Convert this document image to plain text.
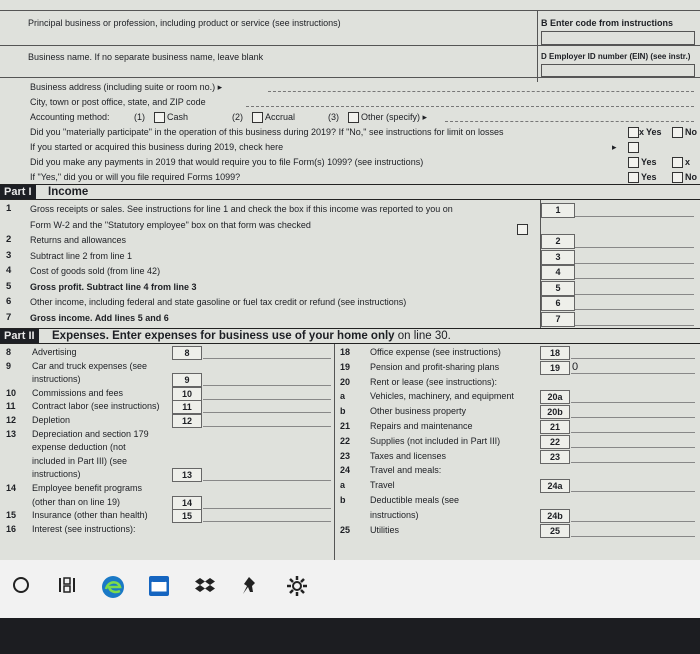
Principal business or profession, including product or service (see instructions)	B Enter code from instructions
Business name. If no separate business name, leave blank	D Employer ID number (EIN) (see instr.)
Business address (including suite or room no.) ▸
City, town or post office, state, and ZIP code
Accounting method:	(1) Cash	(2) Accrual	(3) Other (specify) ▸
Did you "materially participate" in the operation of this business during 2019? If "No," see instructions for limit on losses	x Yes	No
If you started or acquired this business during 2019, check here	▸
Did you make any payments in 2019 that would require you to file Form(s) 1099? (see instructions)	Yes	x
If "Yes," did you or will you file required Forms 1099?	Yes	No
Part I	Income
1 Gross receipts or sales. See instructions for line 1 and check the box if this income was reported to you on	1
Form W-2 and the "Statutory employee" box on that form was checked
2 Returns and allowances	2
3 Subtract line 2 from line 1	3
4 Cost of goods sold (from line 42)	4
5 Gross profit. Subtract line 4 from line 3	5
6 Other income, including federal and state gasoline or fuel tax credit or refund (see instructions)	6
7 Gross income. Add lines 5 and 6	7
Part II	Expenses. Enter expenses for business use of your home only on line 30.
8 Advertising	8
9 Car and truck expenses (see
instructions)	9
10 Commissions and fees	10
11 Contract labor (see instructions)	11
12 Depletion	12
13 Depreciation and section 179
expense deduction (not
included in Part III) (see
instructions)	13
14 Employee benefit programs
(other than on line 19)	14
15 Insurance (other than health)	15
16 Interest (see instructions):
18 Office expense (see instructions)	18
19 Pension and profit-sharing plans	19	0
20 Rent or lease (see instructions):
a	Vehicles, machinery, and equipment	20a
b	Other business property	20b
21 Repairs and maintenance	21
22 Supplies (not included in Part III)	22
23 Taxes and licenses	23
24 Travel and meals:
a	Travel	24a
b	Deductible meals (see
instructions)	24b
25 Utilities	25
